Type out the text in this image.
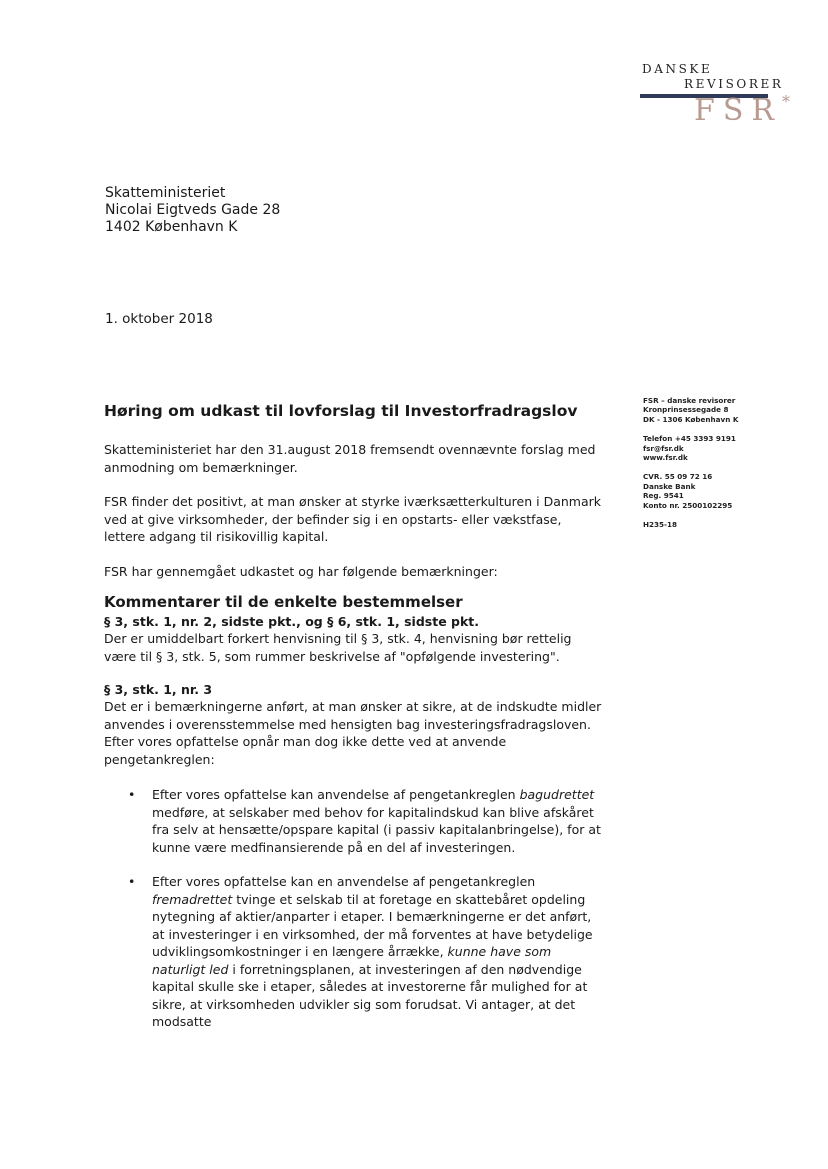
DANSKE
REVISORER
FSR*
Skatteministeriet
Nicolai Eigtveds Gade 28
1402 København K
1. oktober 2018
FSR – danske revisorer
Kronprinsessegade 8
DK - 1306 København K
Telefon +45 3393 9191
fsr@fsr.dk
www.fsr.dk
CVR. 55 09 72 16
Danske Bank
Reg. 9541
Konto nr. 2500102295
H235-18
Høring om udkast til lovforslag til Investorfradragslov

Skatteministeriet har den 31.august 2018 fremsendt ovennævnte forslag med anmodning om bemærkninger.

FSR finder det positivt, at man ønsker at styrke iværksætterkulturen i Danmark ved at give virksomheder, der befinder sig i en opstarts- eller vækstfase, lettere adgang til risikovillig kapital.

FSR har gennemgået udkastet og har følgende bemærkninger:

Kommentarer til de enkelte bestemmelser
§ 3, stk. 1, nr. 2, sidste pkt., og § 6, stk. 1, sidste pkt.

Der er umiddelbart forkert henvisning til § 3, stk. 4, henvisning bør rettelig være til § 3, stk. 5, som rummer beskrivelse af "opfølgende investering".

§ 3, stk. 1, nr. 3

Det er i bemærkningerne anført, at man ønsker at sikre, at de indskudte midler anvendes i overensstemmelse med hensigten bag investeringsfradragsloven. Efter vores opfattelse opnår man dog ikke dette ved at anvende pengetankreglen:

• Efter vores opfattelse kan anvendelse af pengetankreglen bagudrettet medføre, at selskaber med behov for kapitalindskud kan blive afskåret fra selv at hensætte/opspare kapital (i passiv kapitalanbringelse), for at kunne være medfinansierende på en del af investeringen.
• Efter vores opfattelse kan en anvendelse af pengetankreglen fremadrettet tvinge et selskab til at foretage en skattebåret opdeling nytegning af aktier/anparter i etaper. I bemærkningerne er det anført, at investeringer i en virksomhed, der må forventes at have betydelige udviklingsomkostninger i en længere årrække, kunne have som naturligt led i forretningsplanen, at investeringen af den nødvendige kapital skulle ske i etaper, således at investorerne får mulighed for at sikre, at virksomheden udvikler sig som forudsat. Vi antager, at det modsatte
